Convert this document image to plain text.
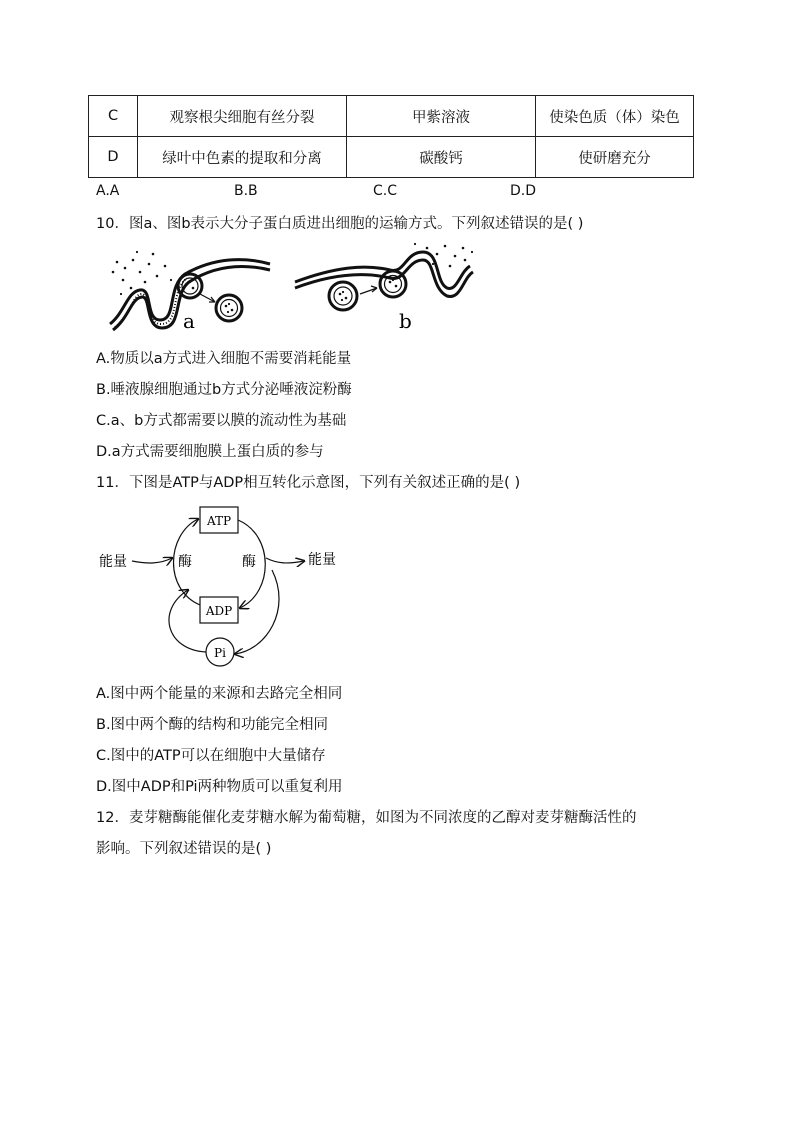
C	观察根尖细胞有丝分裂	甲紫溶液	使染色质（体）染色
D	绿叶中色素的提取和分离	碳酸钙	使研磨充分
A.A	B.B	C.C	D.D
10．图a、图b表示大分子蛋白质进出细胞的运输方式。下列叙述错误的是( )
a	b
A.物质以a方式进入细胞不需要消耗能量
B.唾液腺细胞通过b方式分泌唾液淀粉酶
C.a、b方式都需要以膜的流动性为基础
D.a方式需要细胞膜上蛋白质的参与
11．下图是ATP与ADP相互转化示意图，下列有关叙述正确的是( )
ATP
ADP
Pi
能量	能量
酶	酶
A.图中两个能量的来源和去路完全相同
B.图中两个酶的结构和功能完全相同
C.图中的ATP可以在细胞中大量储存
D.图中ADP和Pi两种物质可以重复利用
12．麦芽糖酶能催化麦芽糖水解为葡萄糖，如图为不同浓度的乙醇对麦芽糖酶活性的
影响。下列叙述错误的是( )
